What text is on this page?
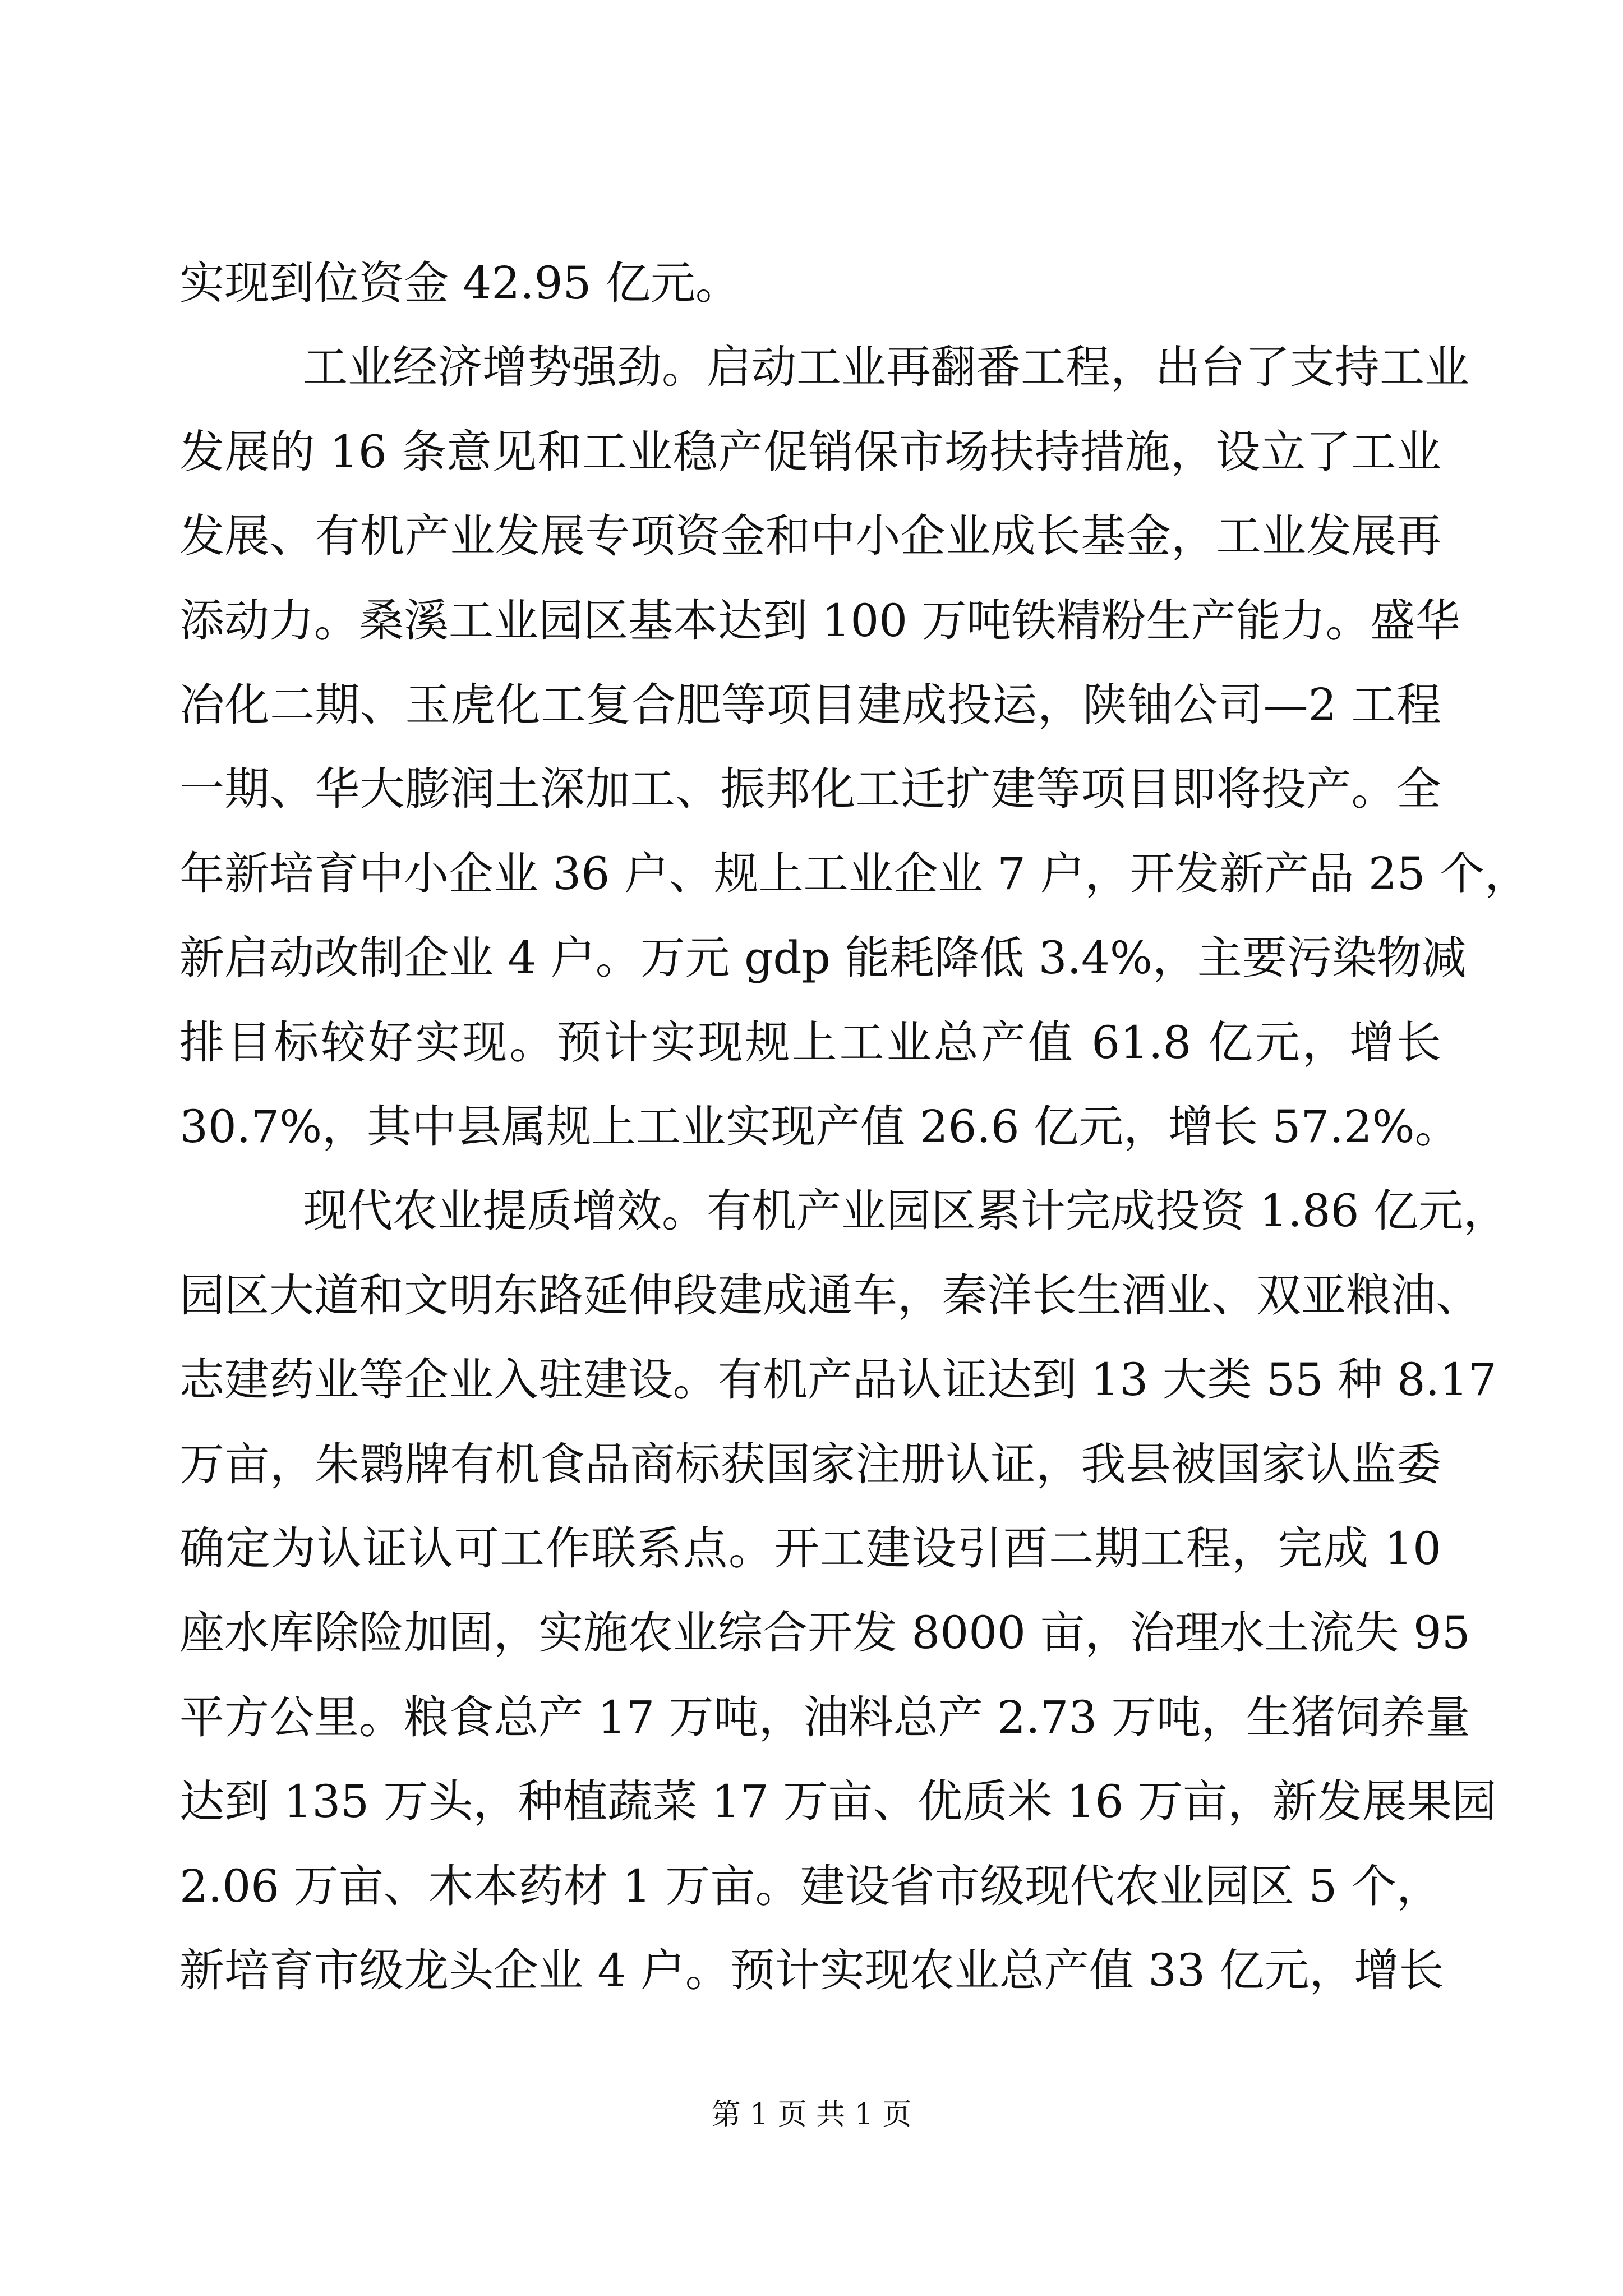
实现到位资金 42.95 亿元。
工业经济增势强劲。启动工业再翻番工程，出台了支持工业
发展的 16 条意见和工业稳产促销保市场扶持措施，设立了工业
发展、有机产业发展专项资金和中小企业成长基金，工业发展再
添动力。桑溪工业园区基本达到 100 万吨铁精粉生产能力。盛华
冶化二期、玉虎化工复合肥等项目建成投运，陕铀公司—2 工程
一期、华大膨润土深加工、振邦化工迁扩建等项目即将投产。全
年新培育中小企业 36 户、规上工业企业 7 户，开发新产品 25 个，
新启动改制企业 4 户。万元 gdp 能耗降低 3.4%，主要污染物减
排目标较好实现。预计实现规上工业总产值 61.8 亿元，增长
30.7%，其中县属规上工业实现产值 26.6 亿元，增长 57.2%。
现代农业提质增效。有机产业园区累计完成投资 1.86 亿元，
园区大道和文明东路延伸段建成通车，秦洋长生酒业、双亚粮油、
志建药业等企业入驻建设。有机产品认证达到 13 大类 55 种 8.17
万亩，朱鹮牌有机食品商标获国家注册认证，我县被国家认监委
确定为认证认可工作联系点。开工建设引酉二期工程，完成 10
座水库除险加固，实施农业综合开发 8000 亩，治理水土流失 95
平方公里。粮食总产 17 万吨，油料总产 2.73 万吨，生猪饲养量
达到 135 万头，种植蔬菜 17 万亩、优质米 16 万亩，新发展果园
2.06 万亩、木本药材 1 万亩。建设省市级现代农业园区 5 个，
新培育市级龙头企业 4 户。预计实现农业总产值 33 亿元，增长
第 1 页 共 1 页
